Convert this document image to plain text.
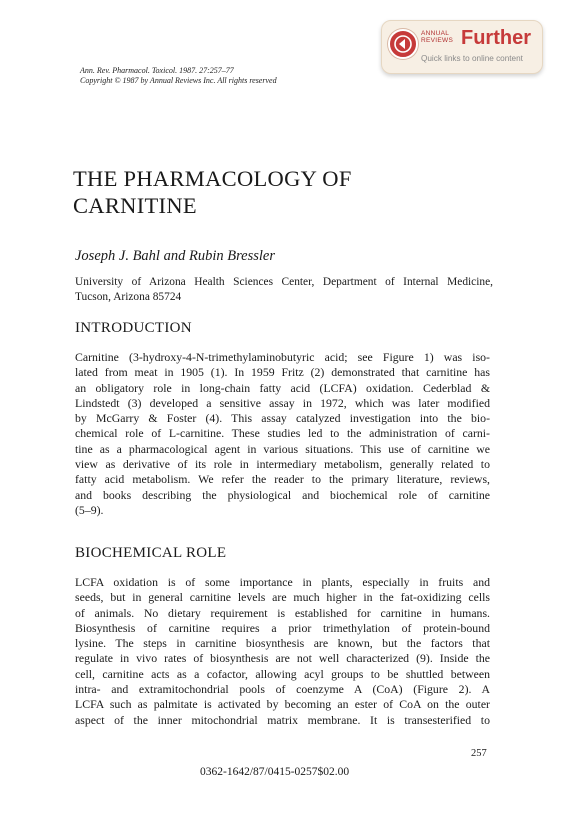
ANNUAL
REVIEWS Further
Quick links to online content
Ann. Rev. Pharmacol. Toxicol. 1987. 27:257–77
Copyright © 1987 by Annual Reviews Inc. All rights reserved
THE PHARMACOLOGY OF
CARNITINE
Joseph J. Bahl and Rubin Bressler
University of Arizona Health Sciences Center, Department of Internal Medicine,
Tucson, Arizona 85724
INTRODUCTION

Carnitine (3-hydroxy-4-N-trimethylaminobutyric acid; see Figure 1) was iso-
lated from meat in 1905 (1). In 1959 Fritz (2) demonstrated that carnitine has
an obligatory role in long-chain fatty acid (LCFA) oxidation. Cederblad &
Lindstedt (3) developed a sensitive assay in 1972, which was later modified
by McGarry & Foster (4). This assay catalyzed investigation into the bio-
chemical role of L-carnitine. These studies led to the administration of carni-
tine as a pharmacological agent in various situations. This use of carnitine we
view as derivative of its role in intermediary metabolism, generally related to
fatty acid metabolism. We refer the reader to the primary literature, reviews,
and books describing the physiological and biochemical role of carnitine
(5–9).

BIOCHEMICAL ROLE

LCFA oxidation is of some importance in plants, especially in fruits and
seeds, but in general carnitine levels are much higher in the fat-oxidizing cells
of animals. No dietary requirement is established for carnitine in humans.
Biosynthesis of carnitine requires a prior trimethylation of protein-bound
lysine. The steps in carnitine biosynthesis are known, but the factors that
regulate in vivo rates of biosynthesis are not well characterized (9). Inside the
cell, carnitine acts as a cofactor, allowing acyl groups to be shuttled between
intra- and extramitochondrial pools of coenzyme A (CoA) (Figure 2). A
LCFA such as palmitate is activated by becoming an ester of CoA on the outer
aspect of the inner mitochondrial matrix membrane. It is transesterified to

257
0362-1642/87/0415-0257$02.00
